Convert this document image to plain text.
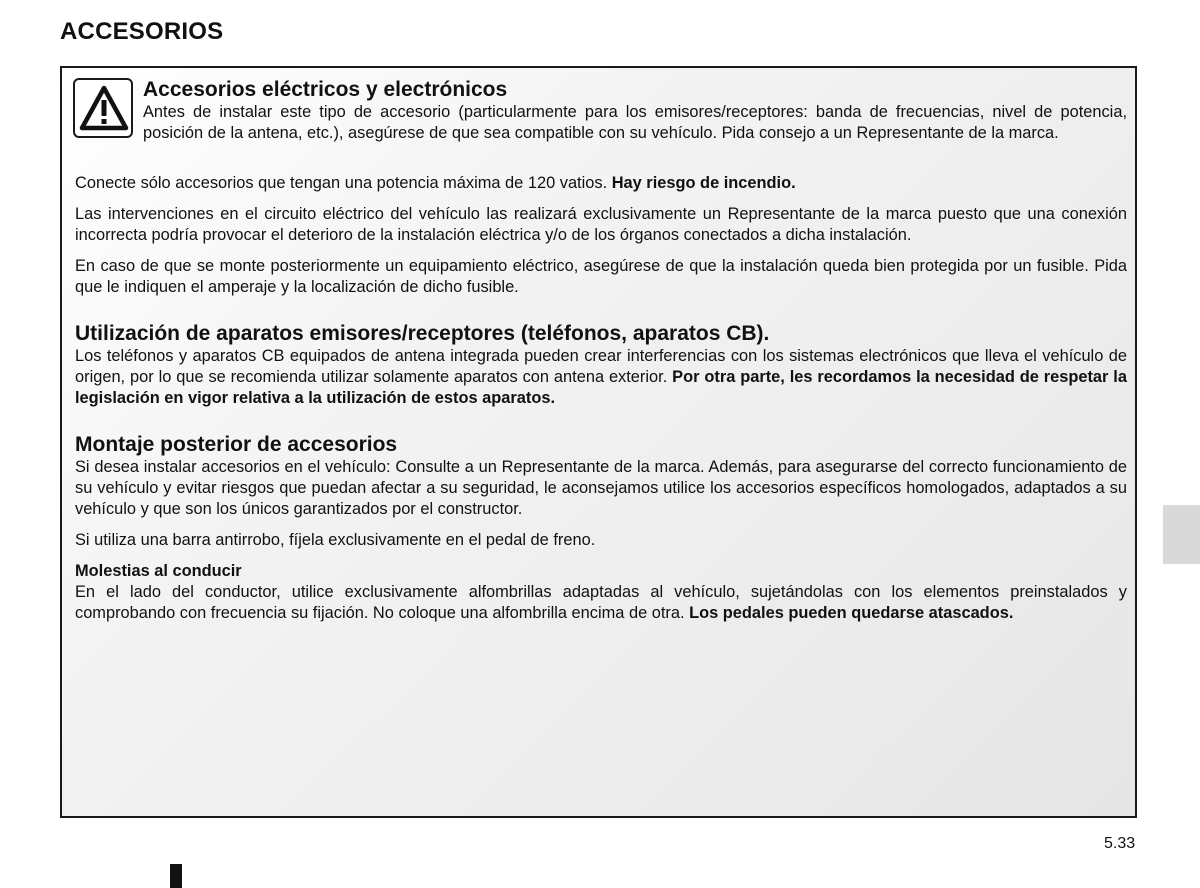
ACCESORIOS
Accesorios eléctricos y electrónicos

Antes de instalar este tipo de accesorio (particularmente para los emisores/receptores: banda de frecuencias, nivel de potencia, posición de la antena, etc.), asegúrese de que sea compatible con su vehículo. Pida consejo a un Representante de la marca.

Conecte sólo accesorios que tengan una potencia máxima de 120 vatios. Hay riesgo de incendio.

Las intervenciones en el circuito eléctrico del vehículo las realizará exclusivamente un Representante de la marca puesto que una conexión incorrecta podría provocar el deterioro de la instalación eléctrica y/o de los órganos conectados a dicha instalación.

En caso de que se monte posteriormente un equipamiento eléctrico, asegúrese de que la instalación queda bien protegida por un fusible. Pida que le indiquen el amperaje y la localización de dicho fusible.

Utilización de aparatos emisores/receptores (teléfonos, aparatos CB).

Los teléfonos y aparatos CB equipados de antena integrada pueden crear interferencias con los sistemas electrónicos que lleva el vehículo de origen, por lo que se recomienda utilizar solamente aparatos con antena exterior. Por otra parte, les recordamos la necesidad de respetar la legislación en vigor relativa a la utilización de estos aparatos.

Montaje posterior de accesorios

Si desea instalar accesorios en el vehículo: Consulte a un Representante de la marca. Además, para asegurarse del correcto funcionamiento de su vehículo y evitar riesgos que puedan afectar a su seguridad, le aconsejamos utilice los accesorios específicos homologados, adaptados a su vehículo y que son los únicos garantizados por el constructor.

Si utiliza una barra antirrobo, fíjela exclusivamente en el pedal de freno.

Molestias al conducir

En el lado del conductor, utilice exclusivamente alfombrillas adaptadas al vehículo, sujetándolas con los elementos preinstalados y comprobando con frecuencia su fijación. No coloque una alfombrilla encima de otra. Los pedales pueden quedarse atascados.

5.33
